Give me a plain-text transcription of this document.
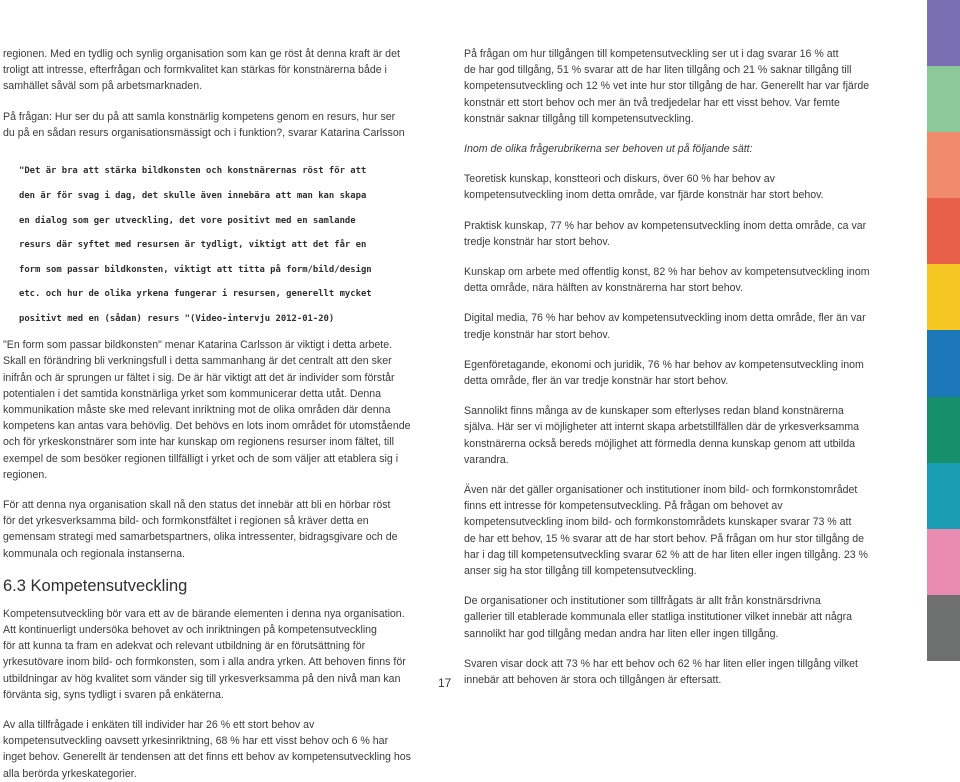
regionen. Med en tydlig och synlig organisation som kan ge röst åt denna kraft är det
troligt att intresse, efterfrågan och formkvalitet kan stärkas för konstnärerna både i
samhället såväl som på arbetsmarknaden.

På frågan: Hur ser du på att samla konstnärlig kompetens genom en resurs, hur ser
du på en sådan resurs organisationsmässigt och i funktion?, svarar Katarina Carlsson

"Det är bra att stärka bildkonsten och konstnärernas röst för att

den är för svag i dag, det skulle även innebära att man kan skapa

en dialog som ger utveckling, det vore positivt med en samlande

resurs där syftet med resursen är tydligt, viktigt att det får en

form som passar bildkonsten, viktigt att titta på form/bild/design

etc. och hur de olika yrkena fungerar i resursen, generellt mycket

positivt med en (sådan) resurs "(Video-intervju 2012-01-20)

"En form som passar bildkonsten" menar Katarina Carlsson är viktigt i detta arbete.
Skall en förändring bli verkningsfull i detta sammanhang är det centralt att den sker
inifrån och är sprungen ur fältet i sig. De är här viktigt att det är individer som förstår
potentialen i det samtida konstnärliga yrket som kommunicerar detta utåt. Denna
kommunikation måste ske med relevant inriktning mot de olika områden där denna
kompetens kan antas vara behövlig. Det behövs en lots inom området för utomstående
och för yrkeskonstnärer som inte har kunskap om regionens resurser inom fältet, till
exempel de som besöker regionen tillfälligt i yrket och de som väljer att etablera sig i
regionen.

För att denna nya organisation skall nå den status det innebär att bli en hörbar röst
för det yrkesverksamma bild- och formkonstfältet i regionen så kräver detta en
gemensam strategi med samarbetspartners, olika intressenter, bidragsgivare och de
kommunala och regionala instanserna.

6.3 Kompetensutveckling

Kompetensutveckling bör vara ett av de bärande elementen i denna nya organisation.
Att kontinuerligt undersöka behovet av och inriktningen på kompetensutveckling
för att kunna ta fram en adekvat och relevant utbildning är en förutsättning för
yrkesutövare inom bild- och formkonsten, som i alla andra yrken. Att behoven finns för
utbildningar av hög kvalitet som vänder sig till yrkesverksamma på den nivå man kan
förvänta sig, syns tydligt i svaren på enkäterna.

Av alla tillfrågade i enkäten till individer har 26 % ett stort behov av
kompetensutveckling oavsett yrkesinriktning, 68 % har ett visst behov och 6 % har
inget behov. Generellt är tendensen att det finns ett behov av kompetensutveckling hos
alla berörda yrkeskategorier.

På frågan om hur tillgången till kompetensutveckling ser ut i dag svarar 16 % att
de har god tillgång, 51 % svarar att de har liten tillgång och 21 % saknar tillgång till
kompetensutveckling och 12 % vet inte hur stor tillgång de har. Generellt har var fjärde
konstnär ett stort behov och mer än två tredjedelar har ett visst behov. Var femte
konstnär saknar tillgång till kompetensutveckling.

Inom de olika frågerubrikerna ser behoven ut på följande sätt:

Teoretisk kunskap, konstteori och diskurs, över 60 % har behov av
kompetensutveckling inom detta område, var fjärde konstnär har stort behov.

Praktisk kunskap, 77 % har behov av kompetensutveckling inom detta område, ca var
tredje konstnär har stort behov.

Kunskap om arbete med offentlig konst, 82 % har behov av kompetensutveckling inom
detta område, nära hälften av konstnärerna har stort behov.

Digital media, 76 % har behov av kompetensutveckling inom detta område, fler än var
tredje konstnär har stort behov.

Egenföretagande, ekonomi och juridik, 76 % har behov av kompetensutveckling inom
detta område, fler än var tredje konstnär har stort behov.

Sannolikt finns många av de kunskaper som efterlyses redan bland konstnärerna
själva. Här ser vi möjligheter att internt skapa arbetstillfällen där de yrkesverksamma
konstnärerna också bereds möjlighet att förmedla denna kunskap genom att utbilda
varandra.

Även när det gäller organisationer och institutioner inom bild- och formkonstområdet
finns ett intresse för kompetensutveckling. På frågan om behovet av
kompetensutveckling inom bild- och formkonstområdets kunskaper svarar 73 % att
de har ett behov, 15 % svarar att de har stort behov. På frågan om hur stor tillgång de
har i dag till kompetensutveckling svarar 62 % att de har liten eller ingen tillgång. 23 %
anser sig ha stor tillgång till kompetensutveckling.

De organisationer och institutioner som tillfrågats är allt från konstnärsdrivna
gallerier till etablerade kommunala eller statliga institutioner vilket innebär att några
sannolikt har god tillgång medan andra har liten eller ingen tillgång.

Svaren visar dock att 73 % har ett behov och 62 % har liten eller ingen tillgång vilket
innebär att behoven är stora och tillgången är eftersatt.

17
